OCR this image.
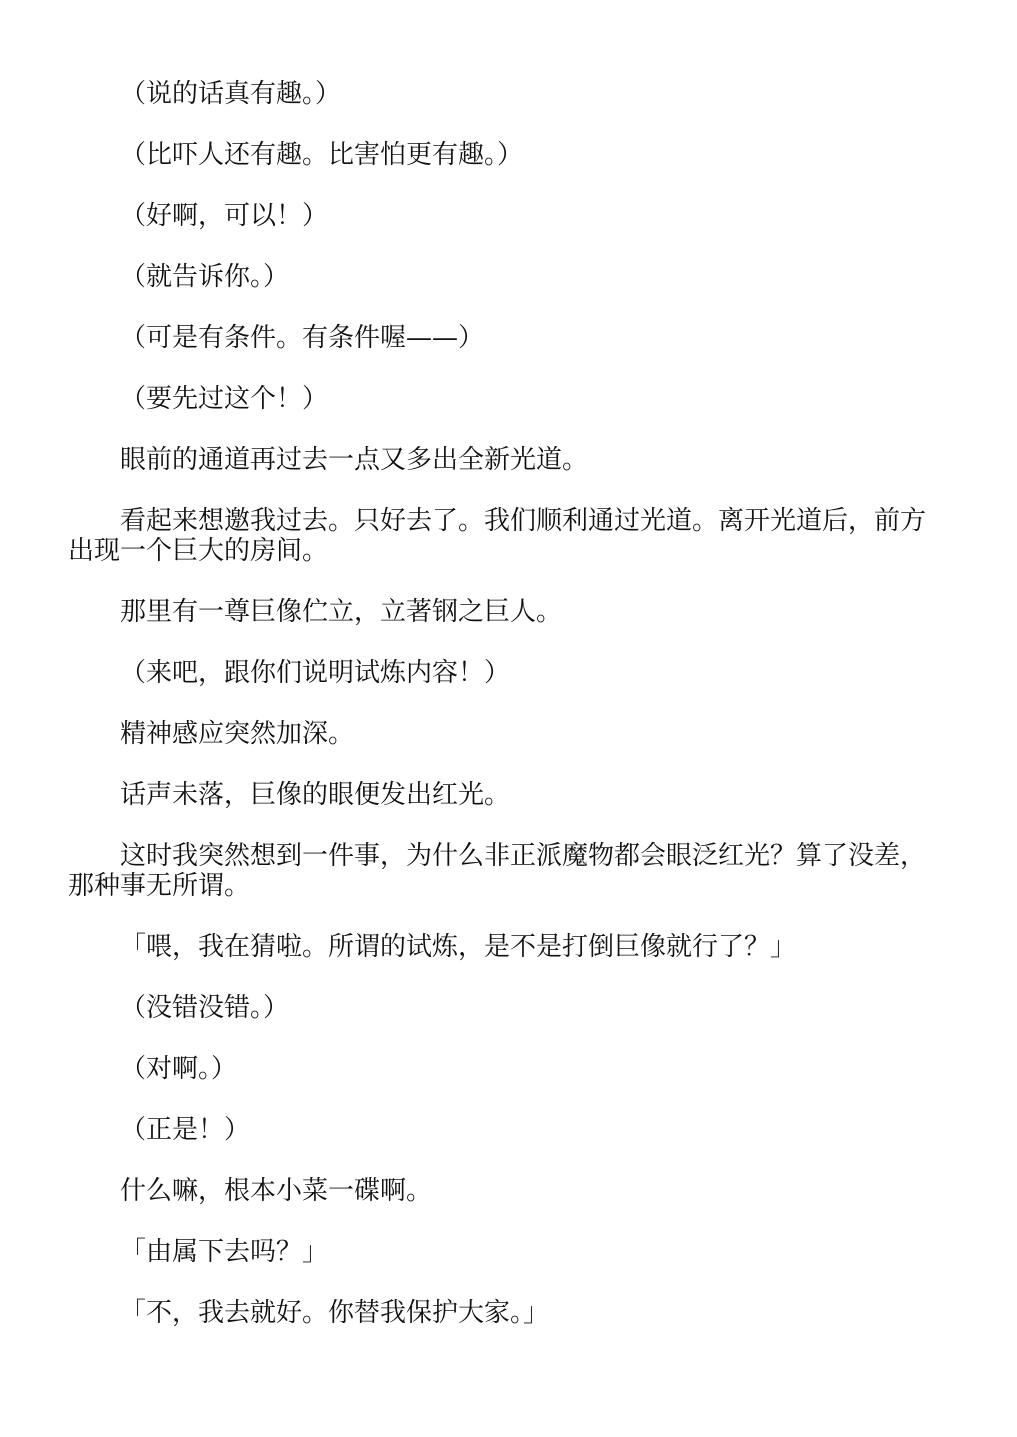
（说的话真有趣。）

（比吓人还有趣。比害怕更有趣。）

（好啊，可以！）

（就告诉你。）

（可是有条件。有条件喔——）

（要先过这个！）

眼前的通道再过去一点又多出全新光道。

看起来想邀我过去。只好去了。我们顺利通过光道。离开光道后，前方出现一个巨大的房间。

那里有一尊巨像伫立，立著钢之巨人。

（来吧，跟你们说明试炼内容！）

精神感应突然加深。

话声未落，巨像的眼便发出红光。

这时我突然想到一件事，为什么非正派魔物都会眼泛红光？算了没差，那种事无所谓。

「喂，我在猜啦。所谓的试炼，是不是打倒巨像就行了？」

（没错没错。）

（对啊。）

（正是！）

什么嘛，根本小菜一碟啊。

「由属下去吗？」

「不，我去就好。你替我保护大家。」
